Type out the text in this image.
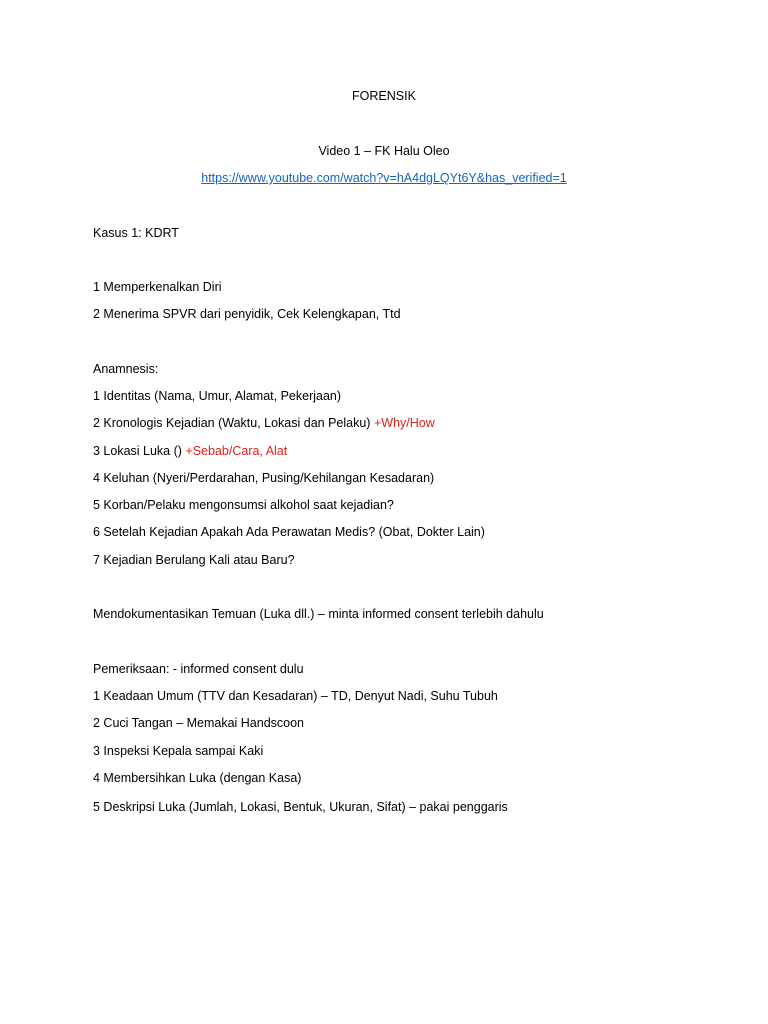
FORENSIK
Video 1 – FK Halu Oleo
https://www.youtube.com/watch?v=hA4dgLQYt6Y&has_verified=1
Kasus 1: KDRT
1 Memperkenalkan Diri
2 Menerima SPVR dari penyidik, Cek Kelengkapan, Ttd
Anamnesis:
1 Identitas (Nama, Umur, Alamat, Pekerjaan)
2 Kronologis Kejadian (Waktu, Lokasi dan Pelaku) +Why/How
3 Lokasi Luka () +Sebab/Cara, Alat
4 Keluhan (Nyeri/Perdarahan, Pusing/Kehilangan Kesadaran)
5 Korban/Pelaku mengonsumsi alkohol saat kejadian?
6 Setelah Kejadian Apakah Ada Perawatan Medis? (Obat, Dokter Lain)
7 Kejadian Berulang Kali atau Baru?
Mendokumentasikan Temuan (Luka dll.) – minta informed consent terlebih dahulu
Pemeriksaan: - informed consent dulu
1 Keadaan Umum (TTV dan Kesadaran) – TD, Denyut Nadi, Suhu Tubuh
2 Cuci Tangan – Memakai Handscoon
3 Inspeksi Kepala sampai Kaki
4 Membersihkan Luka (dengan Kasa)
5 Deskripsi Luka (Jumlah, Lokasi, Bentuk, Ukuran, Sifat) – pakai penggaris
